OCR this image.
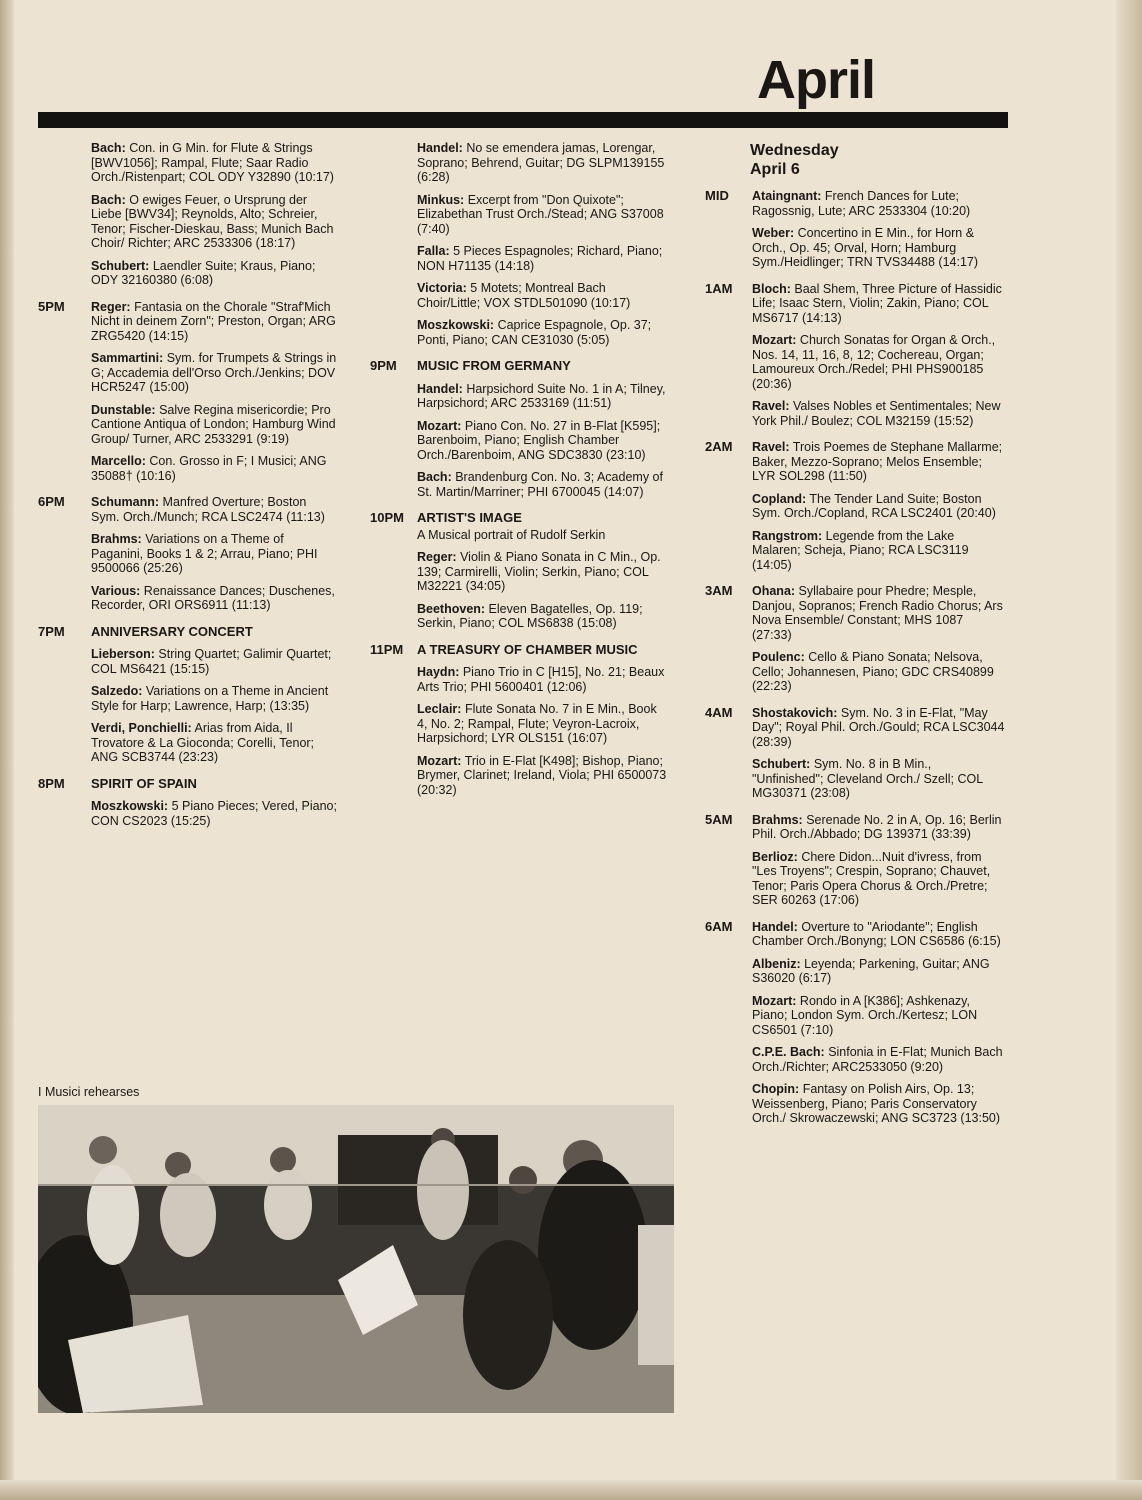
April
Bach: Con. in G Min. for Flute & Strings [BWV1056]; Rampal, Flute; Saar Radio Orch./Ristenpart; COL ODY Y32890 (10:17)
Bach: O ewiges Feuer, o Ursprung der Liebe [BWV34]; Reynolds, Alto; Schreier, Tenor; Fischer-Dieskau, Bass; Munich Bach Choir/ Richter; ARC 2533306 (18:17)
Schubert: Laendler Suite; Kraus, Piano; ODY 32160380 (6:08)
5PM	Reger: Fantasia on the Chorale "Straf'Mich Nicht in deinem Zorn"; Preston, Organ; ARG ZRG5420 (14:15)
Sammartini: Sym. for Trumpets & Strings in G; Accademia dell'Orso Orch./Jenkins; DOV HCR5247 (15:00)
Dunstable: Salve Regina misericordie; Pro Cantione Antiqua of London; Hamburg Wind Group/ Turner, ARC 2533291 (9:19)
Marcello: Con. Grosso in F; I Musici; ANG 35088† (10:16)
6PM	Schumann: Manfred Overture; Boston Sym. Orch./Munch; RCA LSC2474 (11:13)
Brahms: Variations on a Theme of Paganini, Books 1 & 2; Arrau, Piano; PHI 9500066 (25:26)
Various: Renaissance Dances; Duschenes, Recorder, ORI ORS6911 (11:13)
7PM	ANNIVERSARY CONCERT
Lieberson: String Quartet; Galimir Quartet; COL MS6421 (15:15)
Salzedo: Variations on a Theme in Ancient Style for Harp; Lawrence, Harp; (13:35)
Verdi, Ponchielli: Arias from Aida, Il Trovatore & La Gioconda; Corelli, Tenor; ANG SCB3744 (23:23)
8PM	SPIRIT OF SPAIN
Moszkowski: 5 Piano Pieces; Vered, Piano; CON CS2023 (15:25)
Handel: No se emendera jamas, Lorengar, Soprano; Behrend, Guitar; DG SLPM139155 (6:28)
Minkus: Excerpt from "Don Quixote"; Elizabethan Trust Orch./Stead; ANG S37008 (7:40)
Falla: 5 Pieces Espagnoles; Richard, Piano; NON H71135 (14:18)
Victoria: 5 Motets; Montreal Bach Choir/Little; VOX STDL501090 (10:17)
Moszkowski: Caprice Espagnole, Op. 37; Ponti, Piano; CAN CE31030 (5:05)
9PM	MUSIC FROM GERMANY
Handel: Harpsichord Suite No. 1 in A; Tilney, Harpsichord; ARC 2533169 (11:51)
Mozart: Piano Con. No. 27 in B-Flat [K595]; Barenboim, Piano; English Chamber Orch./Barenboim, ANG SDC3830 (23:10)
Bach: Brandenburg Con. No. 3; Academy of St. Martin/Marriner; PHI 6700045 (14:07)
10PM	ARTIST'S IMAGE
A Musical portrait of Rudolf Serkin
Reger: Violin & Piano Sonata in C Min., Op. 139; Carmirelli, Violin; Serkin, Piano; COL M32221 (34:05)
Beethoven: Eleven Bagatelles, Op. 119; Serkin, Piano; COL MS6838 (15:08)
11PM	A TREASURY OF CHAMBER MUSIC
Haydn: Piano Trio in C [H15], No. 21; Beaux Arts Trio; PHI 5600401 (12:06)
Leclair: Flute Sonata No. 7 in E Min., Book 4, No. 2; Rampal, Flute; Veyron-Lacroix, Harpsichord; LYR OLS151 (16:07)
Mozart: Trio in E-Flat [K498]; Bishop, Piano; Brymer, Clarinet; Ireland, Viola; PHI 6500073 (20:32)
Wednesday
April 6
MID	Ataingnant: French Dances for Lute; Ragossnig, Lute; ARC 2533304 (10:20)
Weber: Concertino in E Min., for Horn & Orch., Op. 45; Orval, Horn; Hamburg Sym./Heidlinger; TRN TVS34488 (14:17)
1AM	Bloch: Baal Shem, Three Picture of Hassidic Life; Isaac Stern, Violin; Zakin, Piano; COL MS6717 (14:13)
Mozart: Church Sonatas for Organ & Orch., Nos. 14, 11, 16, 8, 12; Cochereau, Organ; Lamoureux Orch./Redel; PHI PHS900185 (20:36)
Ravel: Valses Nobles et Sentimentales; New York Phil./ Boulez; COL M32159 (15:52)
2AM	Ravel: Trois Poemes de Stephane Mallarme; Baker, Mezzo-Soprano; Melos Ensemble; LYR SOL298 (11:50)
Copland: The Tender Land Suite; Boston Sym. Orch./Copland, RCA LSC2401 (20:40)
Rangstrom: Legende from the Lake Malaren; Scheja, Piano; RCA LSC3119 (14:05)
3AM	Ohana: Syllabaire pour Phedre; Mesple, Danjou, Sopranos; French Radio Chorus; Ars Nova Ensemble/ Constant; MHS 1087 (27:33)
Poulenc: Cello & Piano Sonata; Nelsova, Cello; Johannesen, Piano; GDC CRS40899 (22:23)
4AM	Shostakovich: Sym. No. 3 in E-Flat, "May Day"; Royal Phil. Orch./Gould; RCA LSC3044 (28:39)
Schubert: Sym. No. 8 in B Min., "Unfinished"; Cleveland Orch./ Szell; COL MG30371 (23:08)
5AM	Brahms: Serenade No. 2 in A, Op. 16; Berlin Phil. Orch./Abbado; DG 139371 (33:39)
Berlioz: Chere Didon...Nuit d'ivress, from "Les Troyens"; Crespin, Soprano; Chauvet, Tenor; Paris Opera Chorus & Orch./Pretre; SER 60263 (17:06)
6AM	Handel: Overture to "Ariodante"; English Chamber Orch./Bonyng; LON CS6586 (6:15)
Albeniz: Leyenda; Parkening, Guitar; ANG S36020 (6:17)
Mozart: Rondo in A [K386]; Ashkenazy, Piano; London Sym. Orch./Kertesz; LON CS6501 (7:10)
C.P.E. Bach: Sinfonia in E-Flat; Munich Bach Orch./Richter; ARC2533050 (9:20)
Chopin: Fantasy on Polish Airs, Op. 13; Weissenberg, Piano; Paris Conservatory Orch./ Skrowaczewski; ANG SC3723 (13:50)
I Musici rehearses
